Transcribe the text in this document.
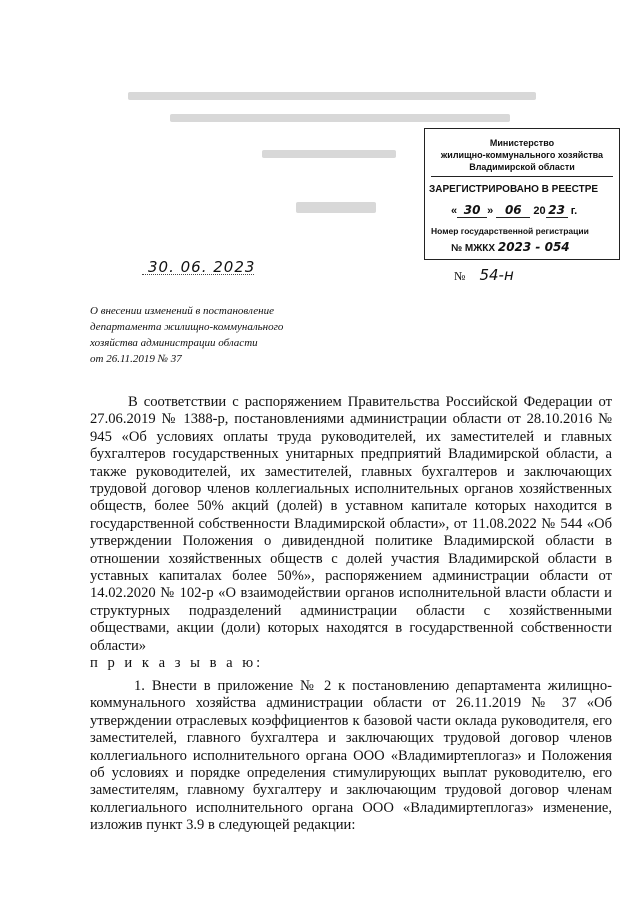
Министерство
жилищно-коммунального хозяйства
Владимирской области
ЗАРЕГИСТРИРОВАНО В РЕЕСТРЕ
« 30 » 06 20 23 г.
Номер государственной регистрации
№ МЖКХ 2023 - 054
30. 06. 2023	№ 54-н
О внесении изменений в постановление
департамента жилищно-коммунального
хозяйства администрации области
от 26.11.2019 № 37

В соответствии с распоряжением Правительства Российской Федерации от 27.06.2019 № 1388-р, постановлениями администрации области от 28.10.2016 № 945 «Об условиях оплаты труда руководителей, их заместителей и главных бухгалтеров государственных унитарных предприятий Владимирской области, а также руководителей, их заместителей, главных бухгалтеров и заключающих трудовой договор членов коллегиальных исполнительных органов хозяйственных обществ, более 50% акций (долей) в уставном капитале которых находится в государственной собственности Владимирской области», от 11.08.2022 № 544 «Об утверждении Положения о дивидендной политике Владимирской области в отношении хозяйственных обществ с долей участия Владимирской области в уставных капиталах более 50%», распоряжением администрации области от 14.02.2020 № 102-р «О взаимодействии органов исполнительной власти области и структурных подразделений администрации области с хозяйственными обществами, акции (доли) которых находятся в государственной собственности области»
п р и к а з ы в а ю:

1. Внести в приложение № 2 к постановлению департамента жилищно-коммунального хозяйства администрации области от 26.11.2019 № 37 «Об утверждении отраслевых коэффициентов к базовой части оклада руководителя, его заместителей, главного бухгалтера и заключающих трудовой договор членов коллегиального исполнительного органа ООО «Владимиртеплогаз» и Положения об условиях и порядке определения стимулирующих выплат руководителю, его заместителям, главному бухгалтеру и заключающим трудовой договор членам коллегиального исполнительного органа ООО «Владимиртеплогаз» изменение, изложив пункт 3.9 в следующей редакции:
